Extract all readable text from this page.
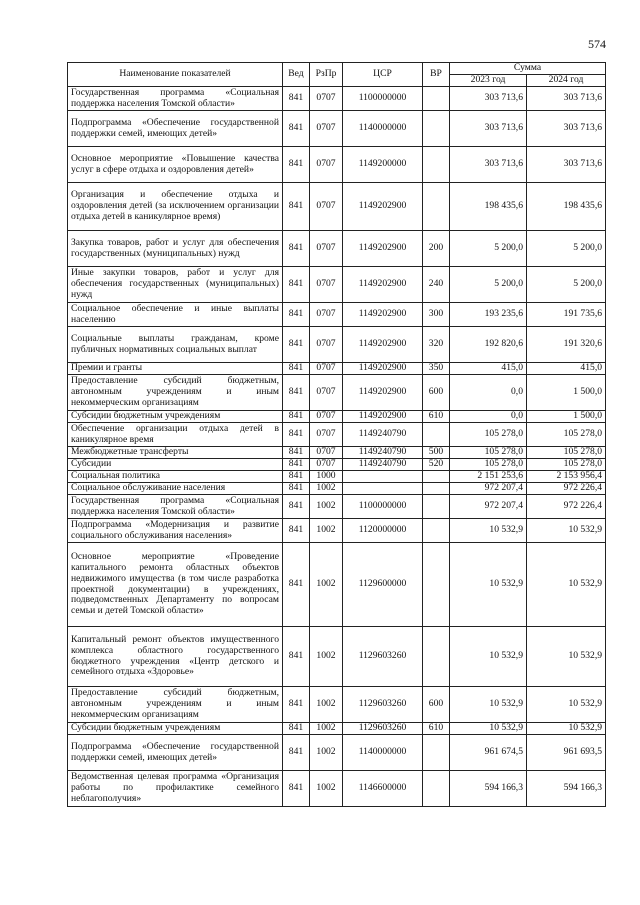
574
Наименование показателей	Вед	РзПр	ЦСР	ВР	Сумма	
					2023 год	2024 год
Государственная программа «Социальная поддержка населения Томской области»	841	0707	1100000000		303 713,6	303 713,6
Подпрограмма «Обеспечение государственной поддержки семей, имеющих детей»	841	0707	1140000000		303 713,6	303 713,6
Основное мероприятие «Повышение качества услуг в сфере отдыха и оздоровления детей»	841	0707	1149200000		303 713,6	303 713,6
Организация и обеспечение отдыха и оздоровления детей (за исключением организации отдыха детей в каникулярное время)	841	0707	1149202900		198 435,6	198 435,6
Закупка товаров, работ и услуг для обеспечения государственных (муниципальных) нужд	841	0707	1149202900	200	5 200,0	5 200,0
Иные закупки товаров, работ и услуг для обеспечения государственных (муниципальных) нужд	841	0707	1149202900	240	5 200,0	5 200,0
Социальное обеспечение и иные выплаты населению	841	0707	1149202900	300	193 235,6	191 735,6
Социальные выплаты гражданам, кроме публичных нормативных социальных выплат	841	0707	1149202900	320	192 820,6	191 320,6
Премии и гранты	841	0707	1149202900	350	415,0	415,0
Предоставление субсидий бюджетным, автономным учреждениям и иным некоммерческим организациям	841	0707	1149202900	600	0,0	1 500,0
Субсидии бюджетным учреждениям	841	0707	1149202900	610	0,0	1 500,0
Обеспечение организации отдыха детей в каникулярное время	841	0707	1149240790		105 278,0	105 278,0
Межбюджетные трансферты	841	0707	1149240790	500	105 278,0	105 278,0
Субсидии	841	0707	1149240790	520	105 278,0	105 278,0
Социальная политика	841	1000			2 151 253,6	2 153 956,4
Социальное обслуживание населения	841	1002			972 207,4	972 226,4
Государственная программа «Социальная поддержка населения Томской области»	841	1002	1100000000		972 207,4	972 226,4
Подпрограмма «Модернизация и развитие социального обслуживания населения»	841	1002	1120000000		10 532,9	10 532,9
Основное мероприятие «Проведение капитального ремонта областных объектов недвижимого имущества (в том числе разработка проектной документации) в учреждениях, подведомственных Департаменту по вопросам семьи и детей Томской области»	841	1002	1129600000		10 532,9	10 532,9
Капитальный ремонт объектов имущественного комплекса областного государственного бюджетного учреждения «Центр детского и семейного отдыха «Здоровье»	841	1002	1129603260		10 532,9	10 532,9
Предоставление субсидий бюджетным, автономным учреждениям и иным некоммерческим организациям	841	1002	1129603260	600	10 532,9	10 532,9
Субсидии бюджетным учреждениям	841	1002	1129603260	610	10 532,9	10 532,9
Подпрограмма «Обеспечение государственной поддержки семей, имеющих детей»	841	1002	1140000000		961 674,5	961 693,5
Ведомственная целевая программа «Организация работы по профилактике семейного неблагополучия»	841	1002	1146600000		594 166,3	594 166,3
